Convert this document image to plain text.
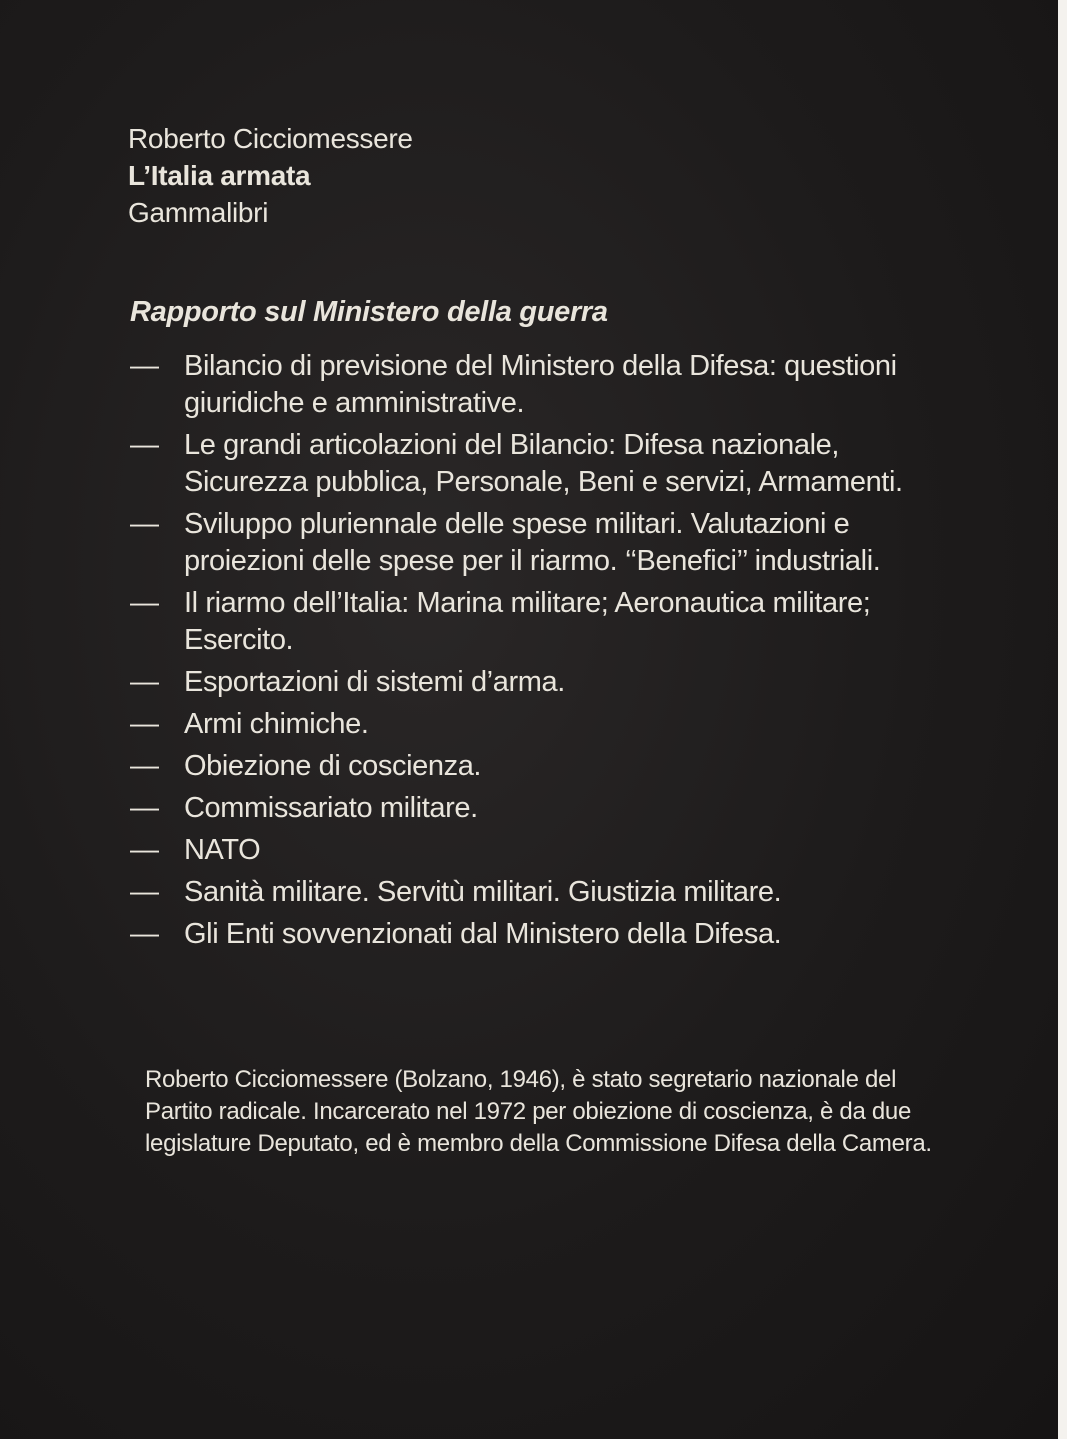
Roberto Cicciomessere
L’Italia armata
Gammalibri
Rapporto sul Ministero della guerra
— Bilancio di previsione del Ministero della Difesa: questioni giuridiche e amministrative.
— Le grandi articolazioni del Bilancio: Difesa nazionale, Sicurezza pubblica, Personale, Beni e servizi, Armamenti.
— Sviluppo pluriennale delle spese militari. Valutazioni e proiezioni delle spese per il riarmo. ‘‘Benefici’’ industriali.
— Il riarmo dell’Italia: Marina militare; Aeronautica militare; Esercito.
— Esportazioni di sistemi d’arma.
— Armi chimiche.
— Obiezione di coscienza.
— Commissariato militare.
— NATO
— Sanità militare. Servitù militari. Giustizia militare.
— Gli Enti sovvenzionati dal Ministero della Difesa.
Roberto Cicciomessere (Bolzano, 1946), è stato segretario nazionale del Partito radicale. Incarcerato nel 1972 per obiezione di coscienza, è da due legislature Deputato, ed è membro della Commissione Difesa della Camera.
